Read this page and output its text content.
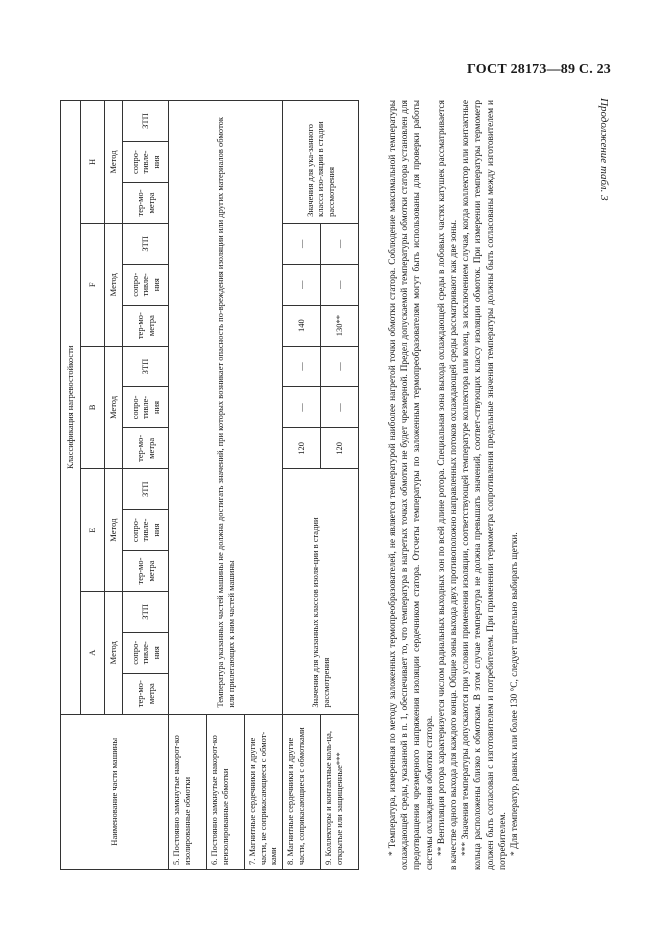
ГОСТ 28173—89 С. 23
Продолжение табл. 3
Наименование части машины	Классификация нагревостойкости														
	А			Е			В			F			Н		
	Метод			Метод			Метод			Метод			Метод		
	тер-мо-метра	сопро-тивле-ния	ЗТП	тер-мо-метра	сопро-тивле-ния	ЗТП	тер-мо-метра	сопро-тивле-ния	ЗТП	тер-мо-метра	сопро-тивле-ния	ЗТП	тер-мо-метра	сопро-тивле-ния	ЗТП
5. Постоянно замкнутые накорот-ко изолированные обмотки	Температура указанных частей машины не должна достигать значений, при которых возникает опасность по-вреждения изоляции или других материалов обмоток или прилегающих к ним частей машины														
6. Постоянно замкнутые накорот-ко неизолированные обмотки															
7. Магнитные сердечники и другие части, не соприкасающиеся с обмот-ками															
8. Магнитные сердечники и другие части, соприкасающиеся с обмотками	Значения для указанных классов изоля-ции в стадии рассмотрения						120	—	—	140	—	—	Значения для ука-занного класса изо-ляции в стадии рассмотрения		
9. Коллекторы и контактные коль-ца, открытые или защищенные***							120	—	—	130**	—	—				* Температура, измеренная по методу заложенных термопреобразователей, не является температурой наиболее нагретой точки обмотки статора. Соблюдение максимальной температуры охлаждающей среды, указанной в п. 1, обеспечивает то, что температура в нагретых точках обмотки не будет чрезмерной. Предел допускаемой температуры обмотки статора установлен для предотвращения чрезмерного напряжения изоляции сердечником статора. Отсчеты температуры по заложенным термопреобразователям могут быть использованы для проверки работы системы охлаждения обмотки статора. ** Вентиляция ротора характеризуется числом радиальных выходных зон по всей длине ротора. Специальная зона выхода охлаждающей среды в лобовых частях катушек рассматривается в качестве одного выхода для каждого конца. Общие зоны выхода двух противоположно направленных потоков охлаждающей среды рассматривают как две зоны. *** Значения температуры допускаются при условии применения изоляции, соответствующей температуре коллектора или колец, за исключением случая, когда коллектор или контактные кольца расположены близко к обмоткам. В этом случае температура не должна превышать значений, соответ-ствующих классу изоляции обмоток. При измерении температуры термометр должен быть согласован с изготовителем и потребителем. При применении термометра сопротивления предельные значения температуры должны быть согласованы между изготовителем и потребителем. * Для температур, равных или более 130 °С, следует тщательно выбирать щетки.
